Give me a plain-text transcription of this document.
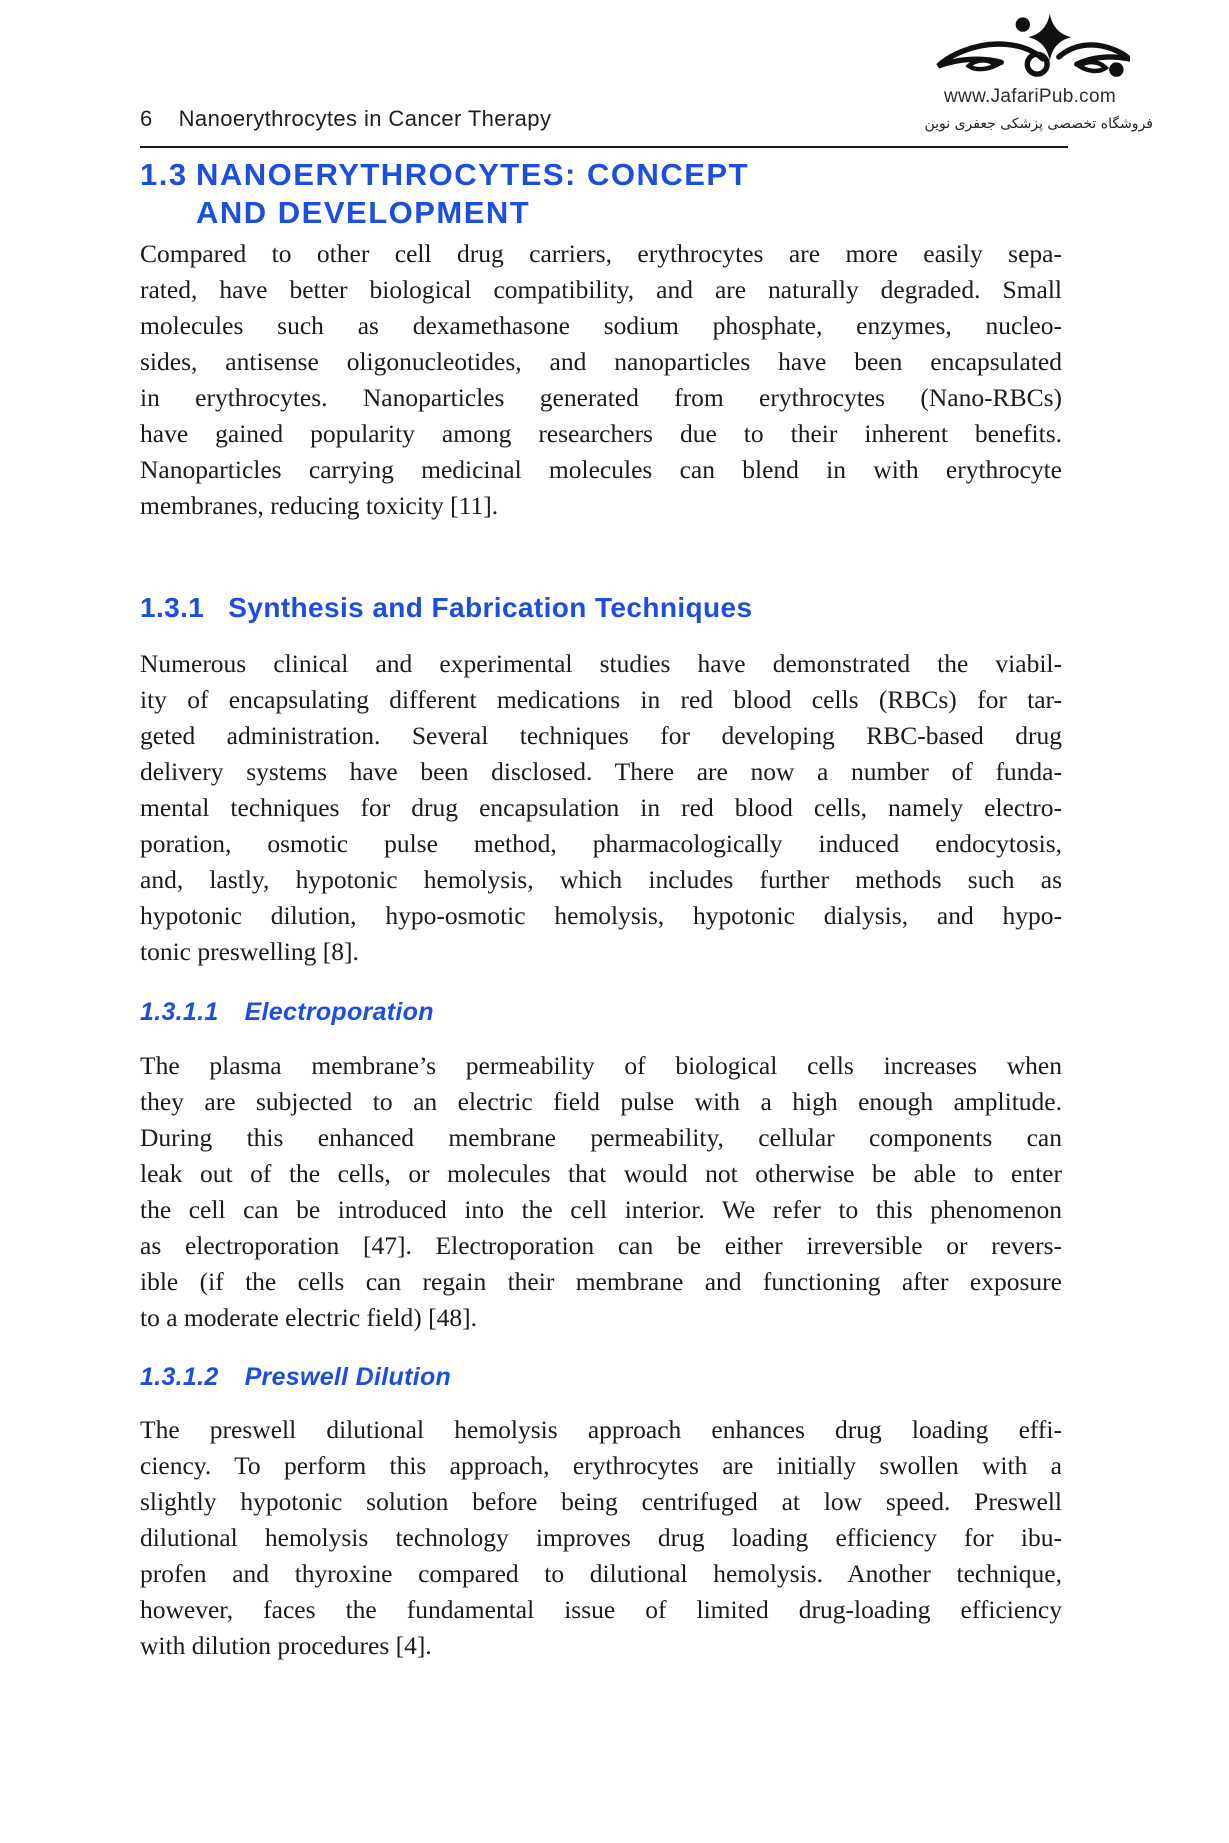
6 Nanoerythrocytes in Cancer Therapy
www.JafariPub.com
فروشگاه تخصصی پزشکی جعفری نوین
1.3 NANOERYTHROCYTES: CONCEPT
AND DEVELOPMENT
Compared to other cell drug carriers, erythrocytes are more easily sepa-
rated, have better biological compatibility, and are naturally degraded. Small
molecules such as dexamethasone sodium phosphate, enzymes, nucleo-
sides, antisense oligonucleotides, and nanoparticles have been encapsulated
in erythrocytes. Nanoparticles generated from erythrocytes (Nano-RBCs)
have gained popularity among researchers due to their inherent benefits.
Nanoparticles carrying medicinal molecules can blend in with erythrocyte
membranes, reducing toxicity [11].
1.3.1 Synthesis and Fabrication Techniques
Numerous clinical and experimental studies have demonstrated the viabil-
ity of encapsulating different medications in red blood cells (RBCs) for tar-
geted administration. Several techniques for developing RBC-based drug
delivery systems have been disclosed. There are now a number of funda-
mental techniques for drug encapsulation in red blood cells, namely electro-
poration, osmotic pulse method, pharmacologically induced endocytosis,
and, lastly, hypotonic hemolysis, which includes further methods such as
hypotonic dilution, hypo-osmotic hemolysis, hypotonic dialysis, and hypo-
tonic preswelling [8].
1.3.1.1 Electroporation
The plasma membrane’s permeability of biological cells increases when
they are subjected to an electric field pulse with a high enough amplitude.
During this enhanced membrane permeability, cellular components can
leak out of the cells, or molecules that would not otherwise be able to enter
the cell can be introduced into the cell interior. We refer to this phenomenon
as electroporation [47]. Electroporation can be either irreversible or revers-
ible (if the cells can regain their membrane and functioning after exposure
to a moderate electric field) [48].
1.3.1.2 Preswell Dilution
The preswell dilutional hemolysis approach enhances drug loading effi-
ciency. To perform this approach, erythrocytes are initially swollen with a
slightly hypotonic solution before being centrifuged at low speed. Preswell
dilutional hemolysis technology improves drug loading efficiency for ibu-
profen and thyroxine compared to dilutional hemolysis. Another technique,
however, faces the fundamental issue of limited drug-loading efficiency
with dilution procedures [4].
